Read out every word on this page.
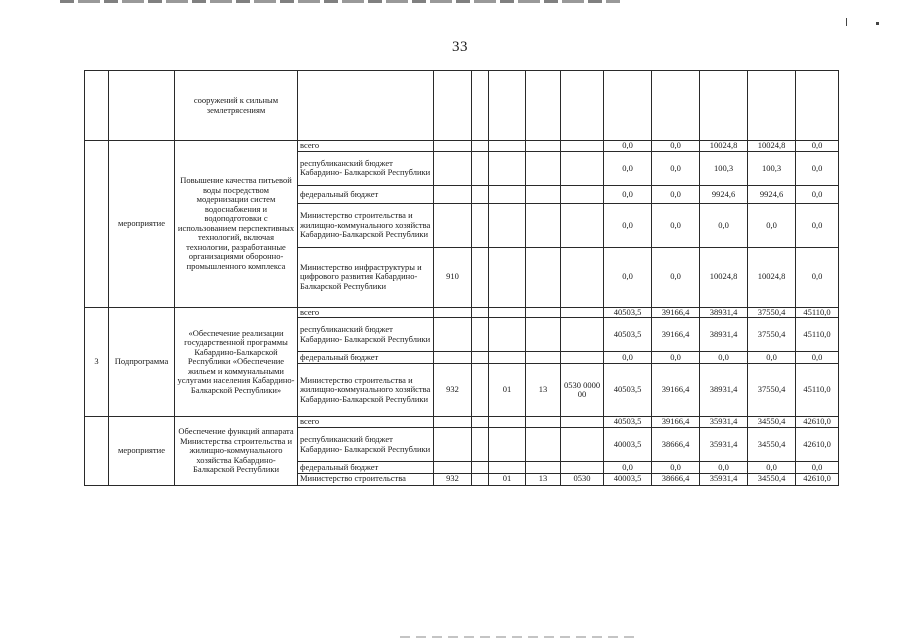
33
		сооружений к сильным землетрясениям											
	мероприятие	Повышение качества питьевой воды посредством модернизации систем водоснабжения и водоподготовки с использованием перспективных технологий, включая технологии, разработанные организациями оборонно-промышленного комплекса	всего						0,0	0,0	10024,8	10024,8	0,0
			республиканский бюджет Кабардино- Балкарской Республики						0,0	0,0	100,3	100,3	0,0
			федеральный бюджет						0,0	0,0	9924,6	9924,6	0,0
			Министерство строительства и жилищно-коммунального хозяйства Кабардино-Балкарской Республики						0,0	0,0	0,0	0,0	0,0
			Министерство инфраструктуры и цифрового развития Кабардино-Балкарской Республики	910					0,0	0,0	10024,8	10024,8	0,0
3	Подпрограмма	«Обеспечение реализации государственной программы Кабардино-Балкарской Республики «Обеспечение жильем и коммунальными услугами населения Кабардино-Балкарской Республики»	всего						40503,5	39166,4	38931,4	37550,4	45110,0
			республиканский бюджет Кабардино- Балкарской Республики						40503,5	39166,4	38931,4	37550,4	45110,0
			федеральный бюджет						0,0	0,0	0,0	0,0	0,0
			Министерство строительства и жилищно-коммунального хозяйства Кабардино-Балкарской Республики	932		01	13	0530 0000 00	40503,5	39166,4	38931,4	37550,4	45110,0
	мероприятие	Обеспечение функций аппарата Министерства строительства и жилищно-коммунального хозяйства Кабардино-Балкарской Республики	всего						40503,5	39166,4	35931,4	34550,4	42610,0
			республиканский бюджет Кабардино- Балкарской Республики						40003,5	38666,4	35931,4	34550,4	42610,0
			федеральный бюджет						0,0	0,0	0,0	0,0	0,0
			Министерство строительства	932		01	13	0530	40003,5	38666,4	35931,4	34550,4	42610,0
